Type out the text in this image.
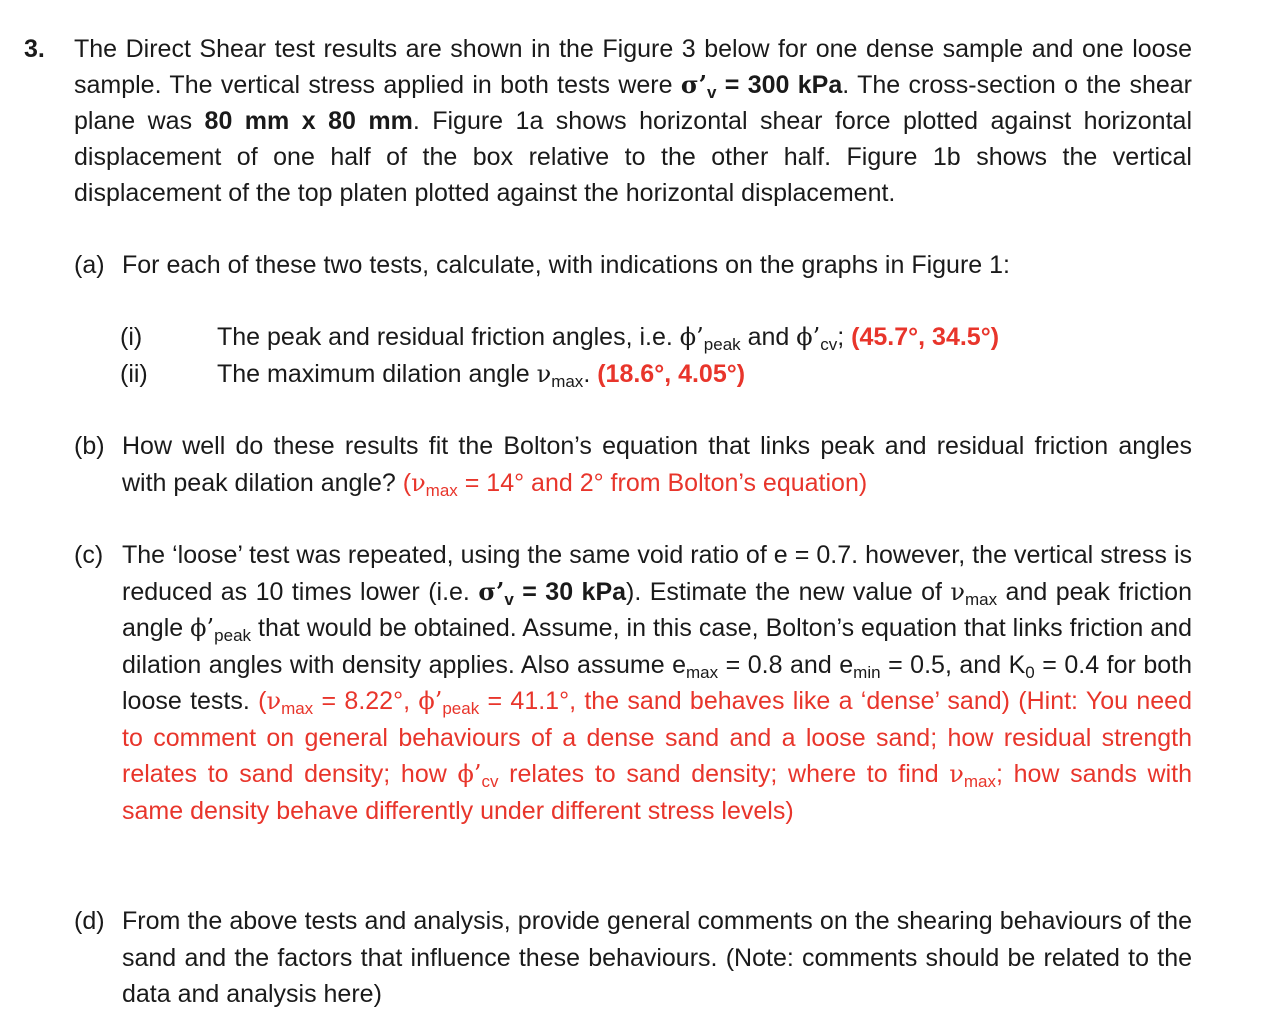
3. The Direct Shear test results are shown in the Figure 3 below for one dense sample and one loose sample. The vertical stress applied in both tests were $\sigma’_v = 300$ kPa. The cross-section o the shear plane was 80 mm x 80 mm. Figure 1a shows horizontal shear force plotted against horizontal displacement of one half of the box relative to the other half. Figure 1b shows the vertical displacement of the top platen plotted against the horizontal displacement.
(a) For each of these two tests, calculate, with indications on the graphs in Figure 1:
(i)	The peak and residual friction angles, i.e. $\phi’_{peak}$ and $\phi’_{cv}$; (45.7°, 34.5°)
(ii)	The maximum dilation angle $\nu_{max}$. (18.6°, 4.05°)
(b) How well do these results fit the Bolton’s equation that links peak and residual friction angles with peak dilation angle? ($\nu_{max} = 14^\circ$ and 2° from Bolton’s equation)
(c) The ‘loose’ test was repeated, using the same void ratio of e = 0.7. however, the vertical stress is reduced as 10 times lower (i.e. $\sigma’_v = 30$ kPa). Estimate the new value of $\nu_{max}$ and peak friction angle $\phi’_{peak}$ that would be obtained. Assume, in this case, Bolton’s equation that links friction and dilation angles with density applies. Also assume $e_{max} = 0.8$ and $e_{min} = 0.5$, and $K_0 = 0.4$ for both loose tests. ($\nu_{max} = 8.22^\circ$, $\phi’_{peak} = 41.1^\circ$, the sand behaves like a ‘dense’ sand) (Hint: You need to comment on general behaviours of a dense sand and a loose sand; how residual strength relates to sand density; how $\phi’_{cv}$ relates to sand density; where to find $\nu_{max}$; how sands with same density behave differently under different stress levels)
(d) From the above tests and analysis, provide general comments on the shearing behaviours of the sand and the factors that influence these behaviours. (Note: comments should be related to the data and analysis here)
